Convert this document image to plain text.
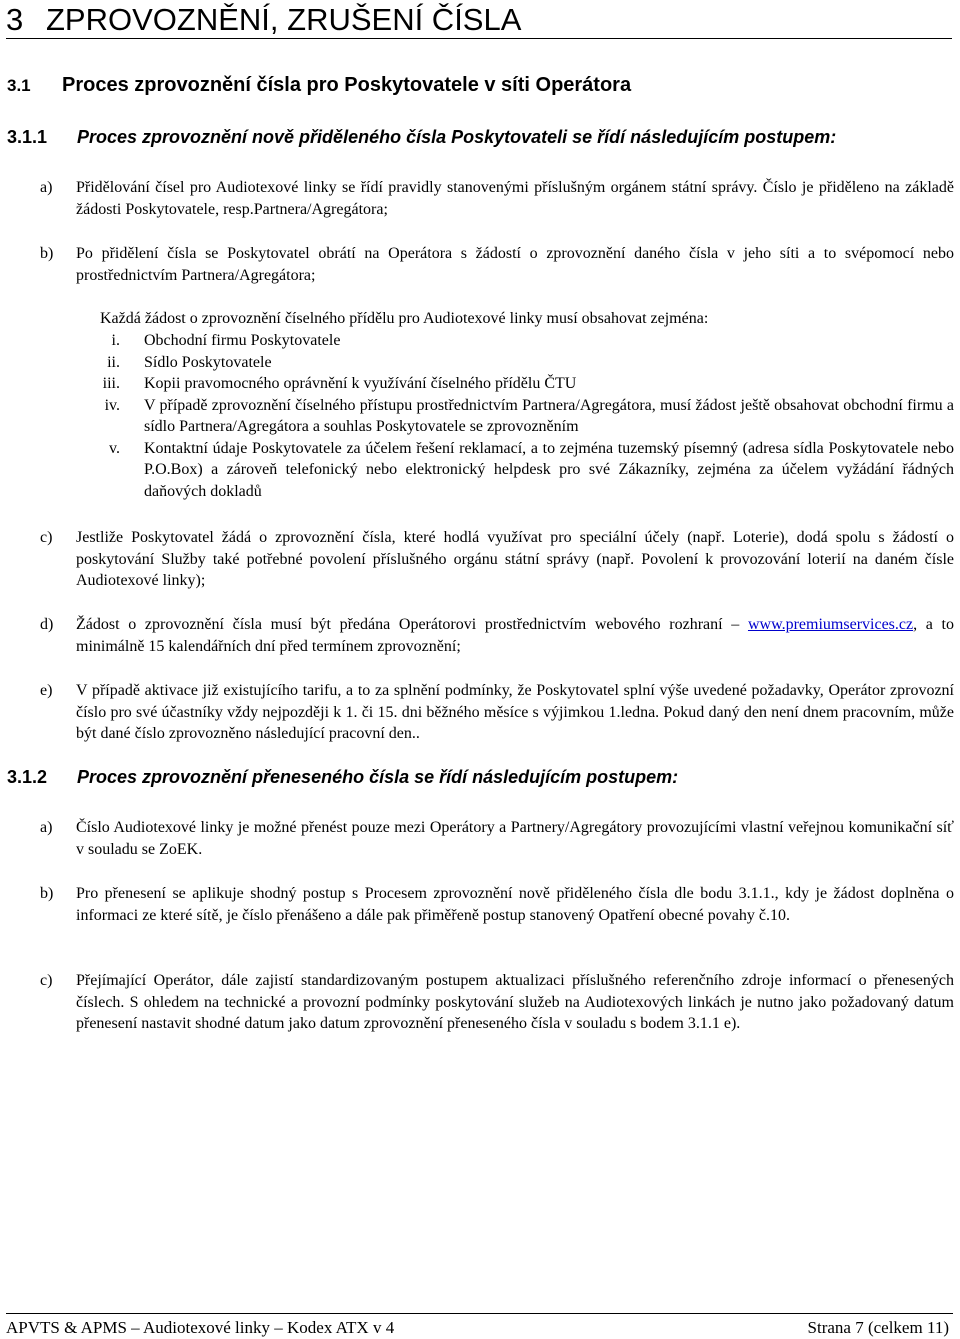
3 ZPROVOZNĚNÍ, ZRUŠENÍ ČÍSLA
3.1 Proces zprovoznění čísla pro Poskytovatele v síti Operátora
3.1.1 Proces zprovoznění nově přiděleného čísla Poskytovateli se řídí následujícím postupem:
a)	Přidělování čísel pro Audiotexové linky se řídí pravidly stanovenými příslušným orgánem státní správy. Číslo je přiděleno na základě žádosti Poskytovatele, resp.Partnera/Agregátora;
b)	Po přidělení čísla se Poskytovatel obrátí na Operátora s žádostí o zprovoznění daného čísla v jeho síti a to svépomocí nebo prostřednictvím Partnera/Agregátora;
Každá žádost o zprovoznění číselného přídělu pro Audiotexové linky musí obsahovat zejména:
i. Obchodní firmu Poskytovatele
ii. Sídlo Poskytovatele
iii. Kopii pravomocného oprávnění k využívání číselného přídělu ČTU
iv. V případě zprovoznění číselného přístupu prostřednictvím Partnera/Agregátora, musí žádost ještě obsahovat obchodní firmu a sídlo Partnera/Agregátora a souhlas Poskytovatele se zprovozněním
v. Kontaktní údaje Poskytovatele za účelem řešení reklamací, a to zejména tuzemský písemný (adresa sídla Poskytovatele nebo P.O.Box) a zároveň telefonický nebo elektronický helpdesk pro své Zákazníky, zejména za účelem vyžádání řádných daňových dokladů
c)	Jestliže Poskytovatel žádá o zprovoznění čísla, které hodlá využívat pro speciální účely (např. Loterie), dodá spolu s žádostí o poskytování Služby také potřebné povolení příslušného orgánu státní správy (např. Povolení k provozování loterií na daném čísle Audiotexové linky);
d)	Žádost o zprovoznění čísla musí být předána Operátorovi prostřednictvím webového rozhraní – www.premiumservices.cz, a to minimálně 15 kalendářních dní před termínem zprovoznění;
e)	V případě aktivace již existujícího tarifu, a to za splnění podmínky, že Poskytovatel splní výše uvedené požadavky, Operátor zprovozní číslo pro své účastníky vždy nejpozději k 1. či 15. dni běžného měsíce s výjimkou 1.ledna. Pokud daný den není dnem pracovním, může být dané číslo zprovozněno následující pracovní den..
3.1.2 Proces zprovoznění přeneseného čísla se řídí následujícím postupem:
a)	Číslo Audiotexové linky je možné přenést pouze mezi Operátory a Partnery/Agregátory provozujícími vlastní veřejnou komunikační síť v souladu se ZoEK.
b)	Pro přenesení se aplikuje shodný postup s Procesem zprovoznění nově přiděleného čísla dle bodu 3.1.1., kdy je žádost doplněna o informaci ze které sítě, je číslo přenášeno a dále pak přiměřeně postup stanovený Opatření obecné povahy č.10.
c)	Přejímající Operátor, dále zajistí standardizovaným postupem aktualizaci příslušného referenčního zdroje informací o přenesených číslech. S ohledem na technické a provozní podmínky poskytování služeb na Audiotexových linkách je nutno jako požadovaný datum přenesení nastavit shodné datum jako datum zprovoznění přeneseného čísla v souladu s bodem 3.1.1 e).
APVTS & APMS – Audiotexové linky – Kodex ATX v 4	Strana 7 (celkem 11)
